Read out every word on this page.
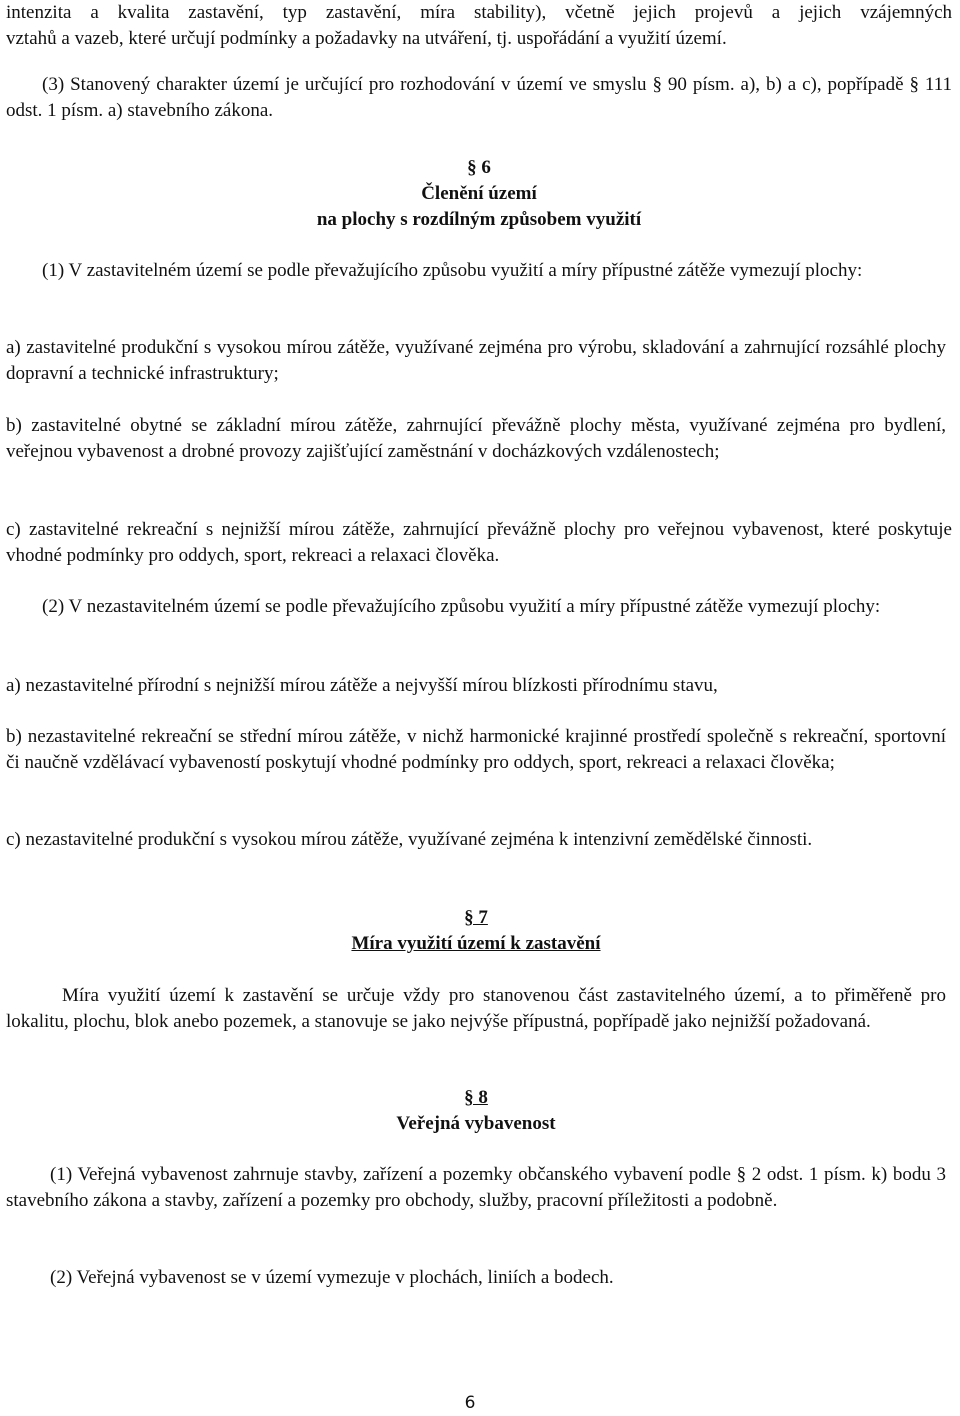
intenzita a kvalita zastavění, typ zastavění, míra stability), včetně jejich projevů a jejich vzájemných

vztahů a vazeb, které určují podmínky a požadavky na utváření, tj. uspořádání a využití území.

(3) Stanovený charakter území je určující pro rozhodování v území ve smyslu § 90 písm. a), b) a c), popřípadě § 111 odst. 1 písm. a) stavebního zákona.

§ 6
Členění území
na plochy s rozdílným způsobem využití

(1) V zastavitelném území se podle převažujícího způsobu využití a míry přípustné zátěže vymezují plochy:

a) zastavitelné produkční s vysokou mírou zátěže, využívané zejména pro výrobu, skladování a zahrnující rozsáhlé plochy dopravní a technické infrastruktury;

b) zastavitelné obytné se základní mírou zátěže, zahrnující převážně plochy města, využívané zejména pro bydlení, veřejnou vybavenost a drobné provozy zajišťující zaměstnání v docházkových vzdálenostech;

c) zastavitelné rekreační s nejnižší mírou zátěže, zahrnující převážně plochy pro veřejnou vybavenost, které poskytuje vhodné podmínky pro oddych, sport, rekreaci a relaxaci člověka.

(2) V nezastavitelném území se podle převažujícího způsobu využití a míry přípustné zátěže vymezují plochy:

a) nezastavitelné přírodní s nejnižší mírou zátěže a nejvyšší mírou blízkosti přírodnímu stavu,

b) nezastavitelné rekreační se střední mírou zátěže, v nichž harmonické krajinné prostředí společně s rekreační, sportovní či naučně vzdělávací vybaveností poskytují vhodné podmínky pro oddych, sport, rekreaci a relaxaci člověka;

c) nezastavitelné produkční s vysokou mírou zátěže, využívané zejména k intenzivní zemědělské činnosti.

§ 7
Míra využití území k zastavění

Míra využití území k zastavění se určuje vždy pro stanovenou část zastavitelného území, a to přiměřeně pro lokalitu, plochu, blok anebo pozemek, a stanovuje se jako nejvýše přípustná, popřípadě jako nejnižší požadovaná.

§ 8
Veřejná vybavenost

(1) Veřejná vybavenost zahrnuje stavby, zařízení a pozemky občanského vybavení podle § 2 odst. 1 písm. k) bodu 3 stavebního zákona a stavby, zařízení a pozemky pro obchody, služby, pracovní příležitosti a podobně.

(2) Veřejná vybavenost se v území vymezuje v plochách, liniích a bodech.

6
